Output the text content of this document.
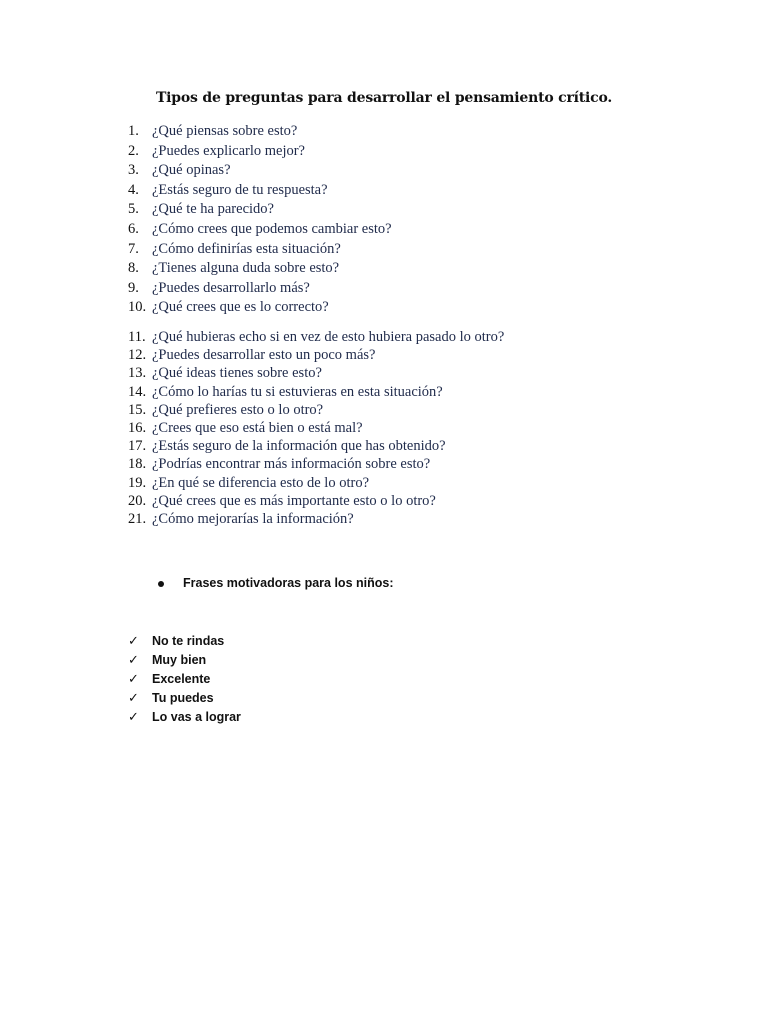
Tipos de preguntas para desarrollar el pensamiento crítico.
1. ¿Qué piensas sobre esto?
2. ¿Puedes explicarlo mejor?
3. ¿Qué opinas?
4. ¿Estás seguro de tu respuesta?
5. ¿Qué te ha parecido?
6. ¿Cómo crees que podemos cambiar esto?
7. ¿Cómo definirías esta situación?
8. ¿Tienes alguna duda sobre esto?
9. ¿Puedes desarrollarlo más?
10. ¿Qué crees que es lo correcto?
11. ¿Qué hubieras echo si en vez de esto hubiera pasado lo otro?
12. ¿Puedes desarrollar esto un poco más?
13. ¿Qué ideas tienes sobre esto?
14. ¿Cómo lo harías tu si estuvieras en esta situación?
15. ¿Qué prefieres esto o lo otro?
16. ¿Crees que eso está bien o está mal?
17. ¿Estás seguro de la información que has obtenido?
18. ¿Podrías encontrar más información sobre esto?
19. ¿En qué se diferencia esto de lo otro?
20. ¿Qué crees que es más importante esto o lo otro?
21. ¿Cómo mejorarías la información?
Frases motivadoras para los niños:
✓	No te rindas
✓	Muy bien
✓	Excelente
✓	Tu puedes
✓	Lo vas a lograr
